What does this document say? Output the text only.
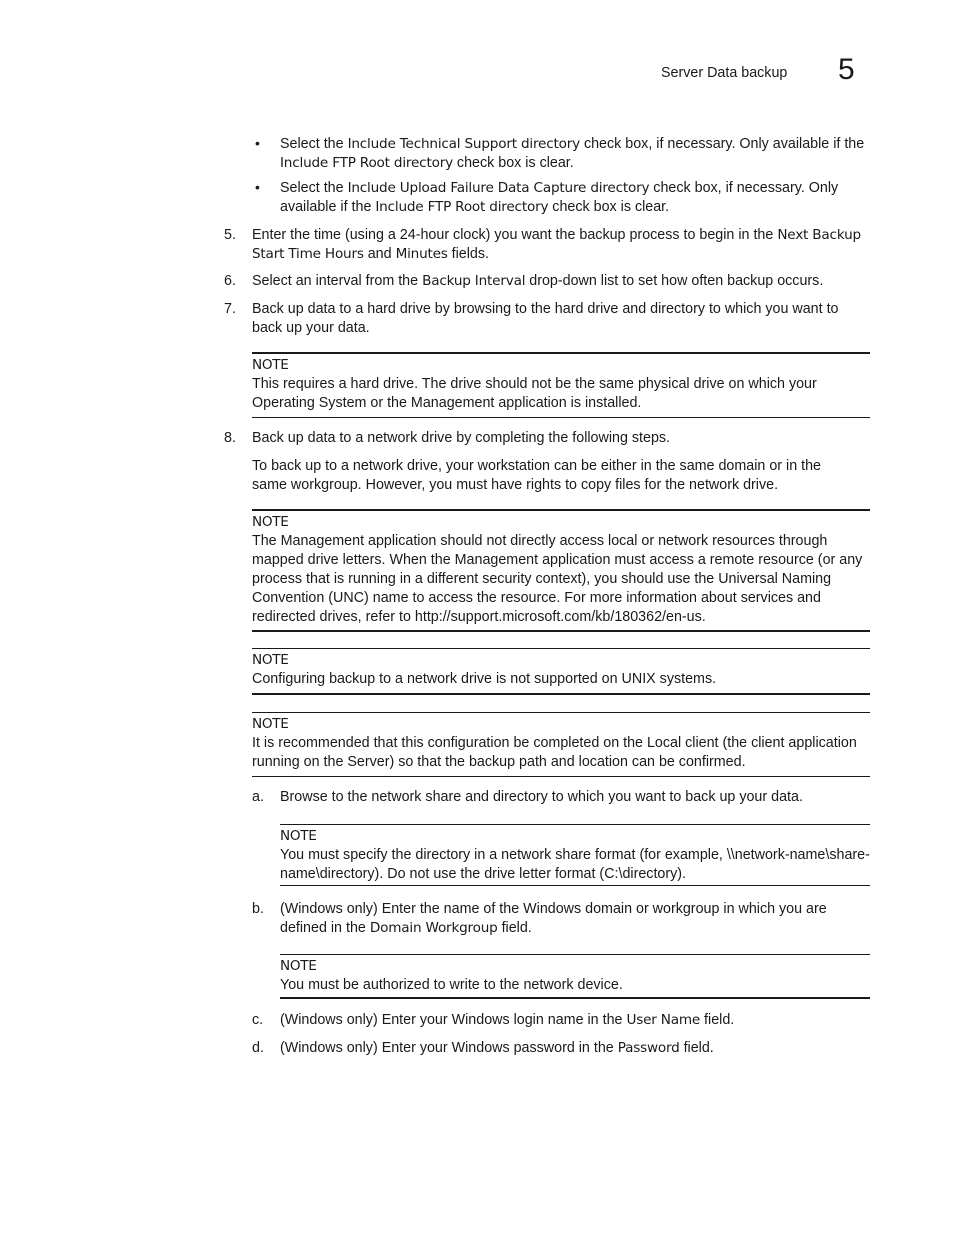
Server Data backup 5
• Select the Include Technical Support directory check box, if necessary. Only available if the Include FTP Root directory check box is clear.
• Select the Include Upload Failure Data Capture directory check box, if necessary. Only available if the Include FTP Root directory check box is clear.
5. Enter the time (using a 24-hour clock) you want the backup process to begin in the Next Backup Start Time Hours and Minutes fields.
6. Select an interval from the Backup Interval drop-down list to set how often backup occurs.
7. Back up data to a hard drive by browsing to the hard drive and directory to which you want to back up your data.
NOTE
This requires a hard drive. The drive should not be the same physical drive on which your Operating System or the Management application is installed.
8. Back up data to a network drive by completing the following steps.
To back up to a network drive, your workstation can be either in the same domain or in the same workgroup. However, you must have rights to copy files for the network drive.
NOTE
The Management application should not directly access local or network resources through mapped drive letters. When the Management application must access a remote resource (or any process that is running in a different security context), you should use the Universal Naming Convention (UNC) name to access the resource. For more information about services and redirected drives, refer to http://support.microsoft.com/kb/180362/en-us.
NOTE
Configuring backup to a network drive is not supported on UNIX systems.
NOTE
It is recommended that this configuration be completed on the Local client (the client application running on the Server) so that the backup path and location can be confirmed.
a. Browse to the network share and directory to which you want to back up your data.
NOTE
You must specify the directory in a network share format (for example, \\network-name\share-name\directory). Do not use the drive letter format (C:\directory).
b. (Windows only) Enter the name of the Windows domain or workgroup in which you are defined in the Domain Workgroup field.
NOTE
You must be authorized to write to the network device.
c. (Windows only) Enter your Windows login name in the User Name field.
d. (Windows only) Enter your Windows password in the Password field.
